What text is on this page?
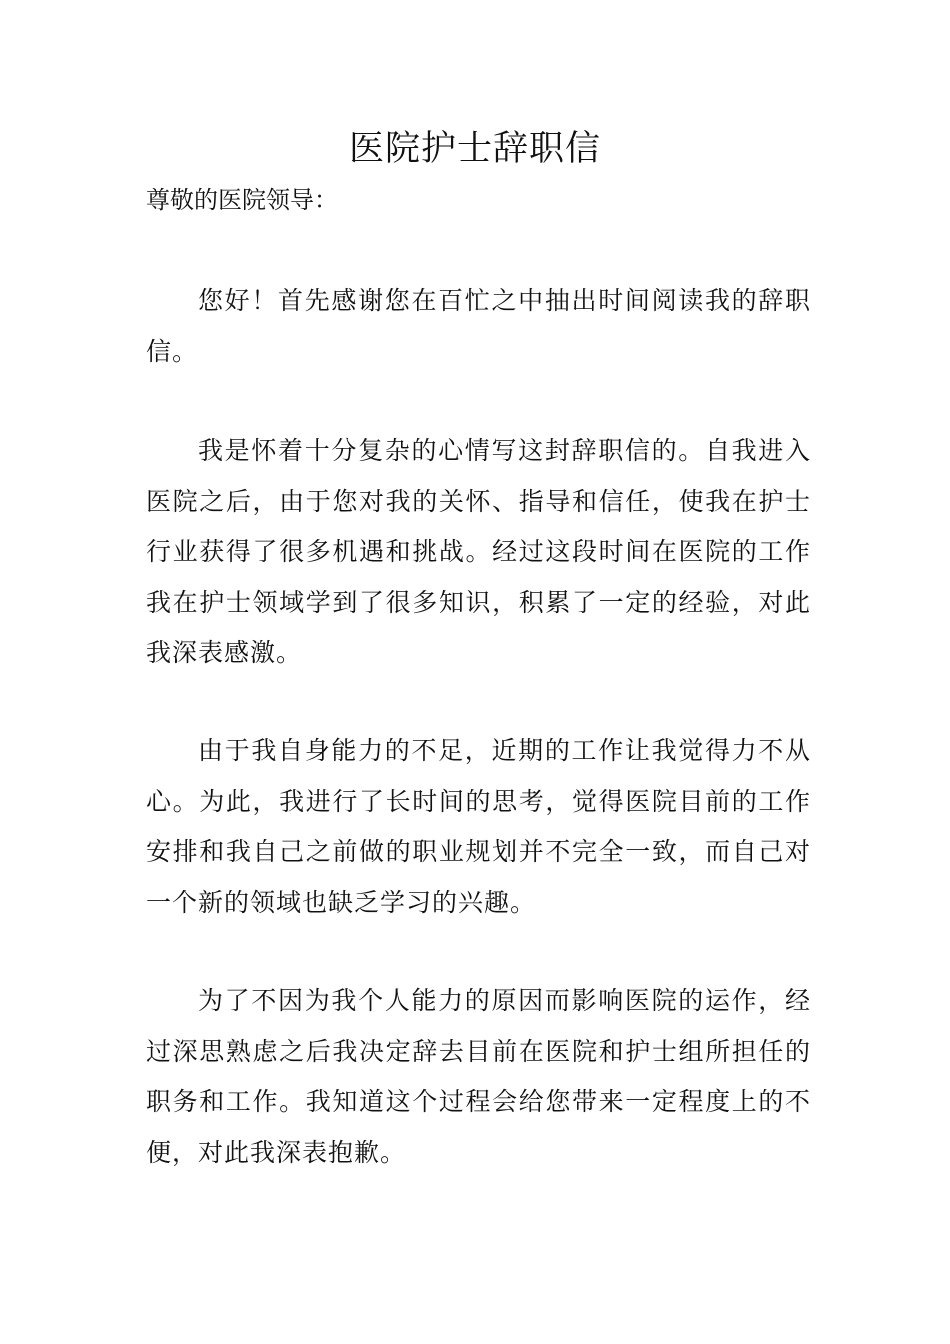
医院护士辞职信

尊敬的医院领导：

您好！首先感谢您在百忙之中抽出时间阅读我的辞职信。

我是怀着十分复杂的心情写这封辞职信的。自我进入医院之后，由于您对我的关怀、指导和信任，使我在护士行业获得了很多机遇和挑战。经过这段时间在医院的工作我在护士领域学到了很多知识，积累了一定的经验，对此我深表感激。

由于我自身能力的不足，近期的工作让我觉得力不从心。为此，我进行了长时间的思考，觉得医院目前的工作安排和我自己之前做的职业规划并不完全一致，而自己对一个新的领域也缺乏学习的兴趣。

为了不因为我个人能力的原因而影响医院的运作，经过深思熟虑之后我决定辞去目前在医院和护士组所担任的职务和工作。我知道这个过程会给您带来一定程度上的不便，对此我深表抱歉。
